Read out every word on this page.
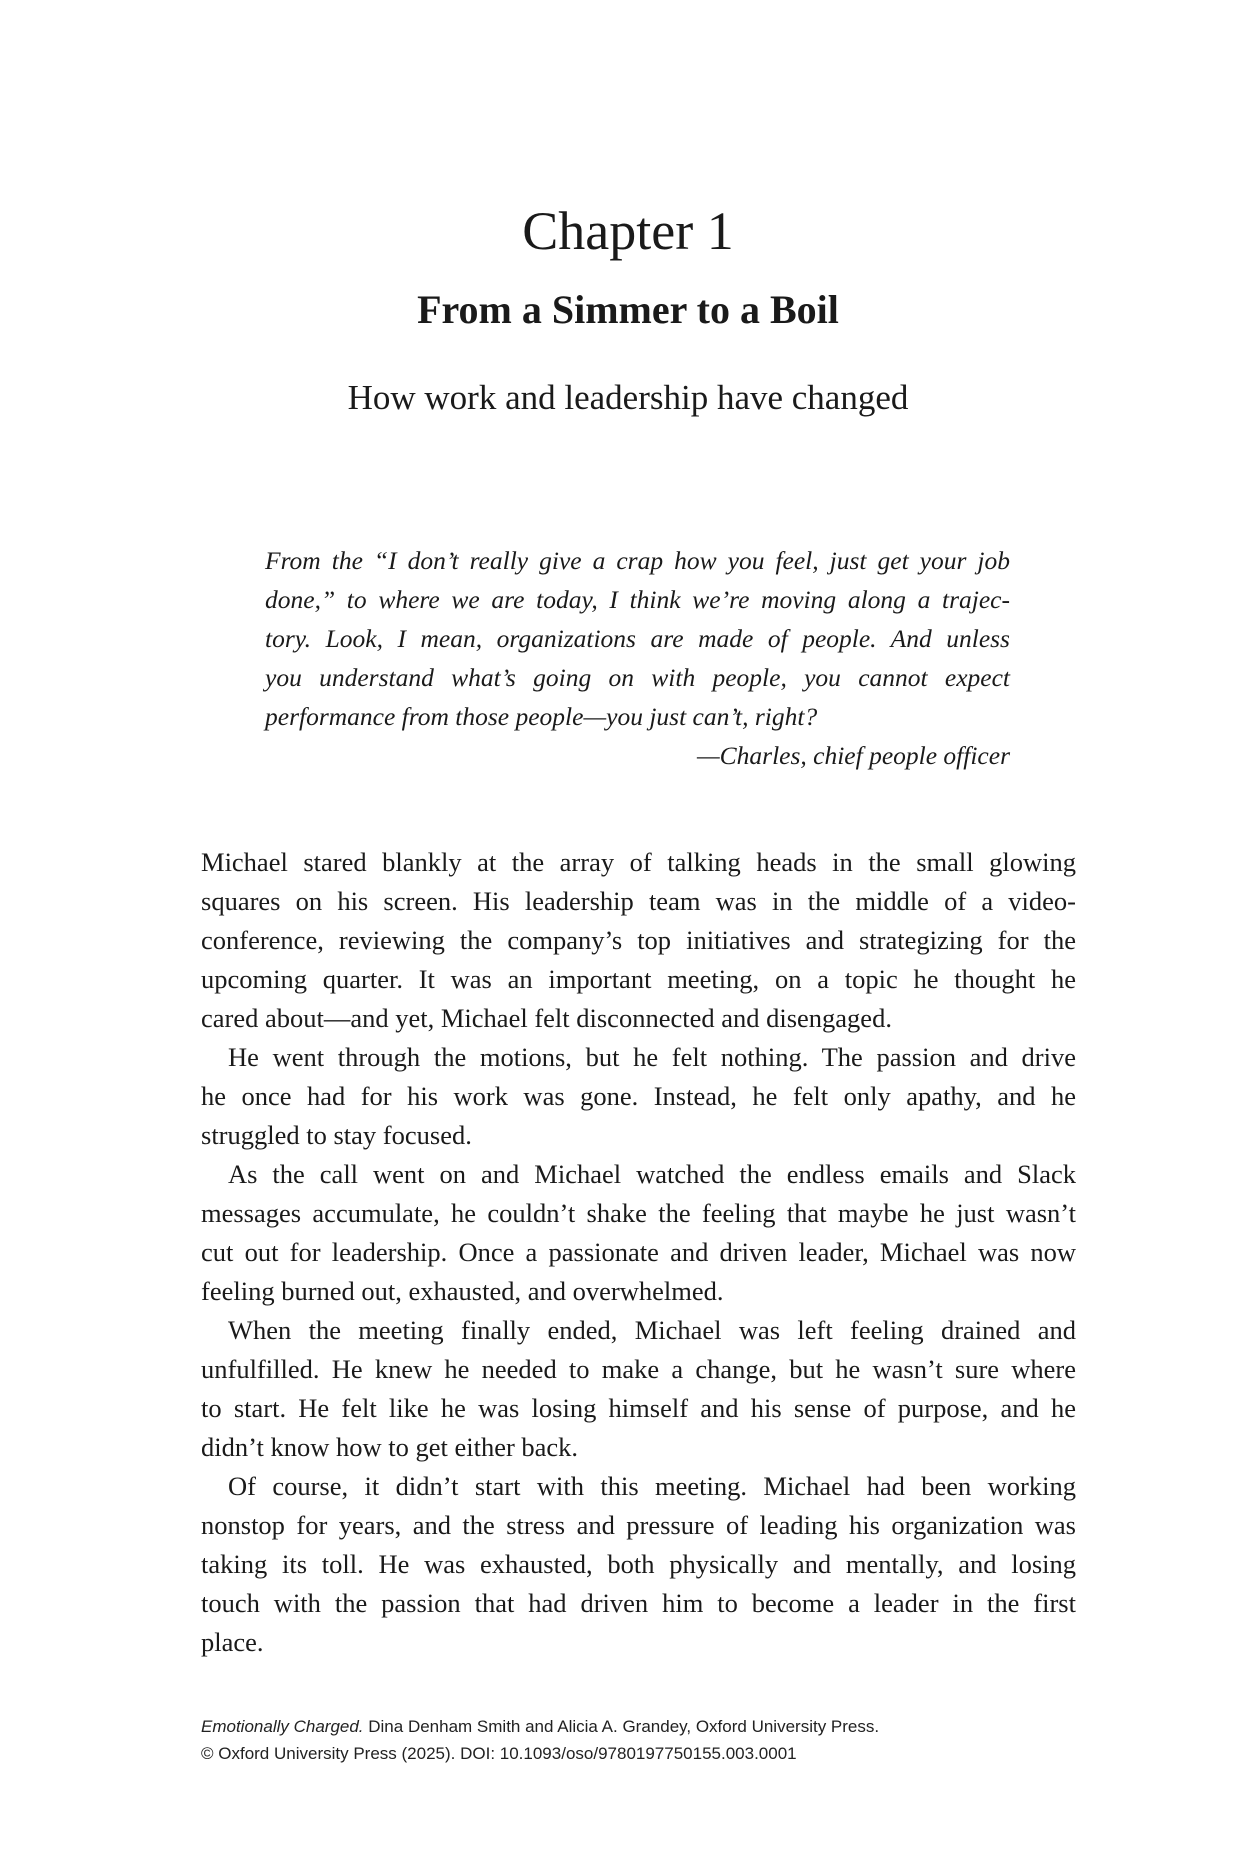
Chapter 1
From a Simmer to a Boil
How work and leadership have changed
From the “I don’t really give a crap how you feel, just get your job
done,” to where we are today, I think we’re moving along a trajec-
tory. Look, I mean, organizations are made of people. And unless
you understand what’s going on with people, you cannot expect
performance from those people—you just can’t, right?
—Charles, chief people officer
Michael stared blankly at the array of talking heads in the small glowing
squares on his screen. His leadership team was in the middle of a video-
conference, reviewing the company’s top initiatives and strategizing for the
upcoming quarter. It was an important meeting, on a topic he thought he
cared about—and yet, Michael felt disconnected and disengaged.
He went through the motions, but he felt nothing. The passion and drive
he once had for his work was gone. Instead, he felt only apathy, and he
struggled to stay focused.
As the call went on and Michael watched the endless emails and Slack
messages accumulate, he couldn’t shake the feeling that maybe he just wasn’t
cut out for leadership. Once a passionate and driven leader, Michael was now
feeling burned out, exhausted, and overwhelmed.
When the meeting finally ended, Michael was left feeling drained and
unfulfilled. He knew he needed to make a change, but he wasn’t sure where
to start. He felt like he was losing himself and his sense of purpose, and he
didn’t know how to get either back.
Of course, it didn’t start with this meeting. Michael had been working
nonstop for years, and the stress and pressure of leading his organization was
taking its toll. He was exhausted, both physically and mentally, and losing
touch with the passion that had driven him to become a leader in the first
place.
Emotionally Charged. Dina Denham Smith and Alicia A. Grandey, Oxford University Press.
© Oxford University Press (2025). DOI: 10.1093/oso/9780197750155.003.0001
